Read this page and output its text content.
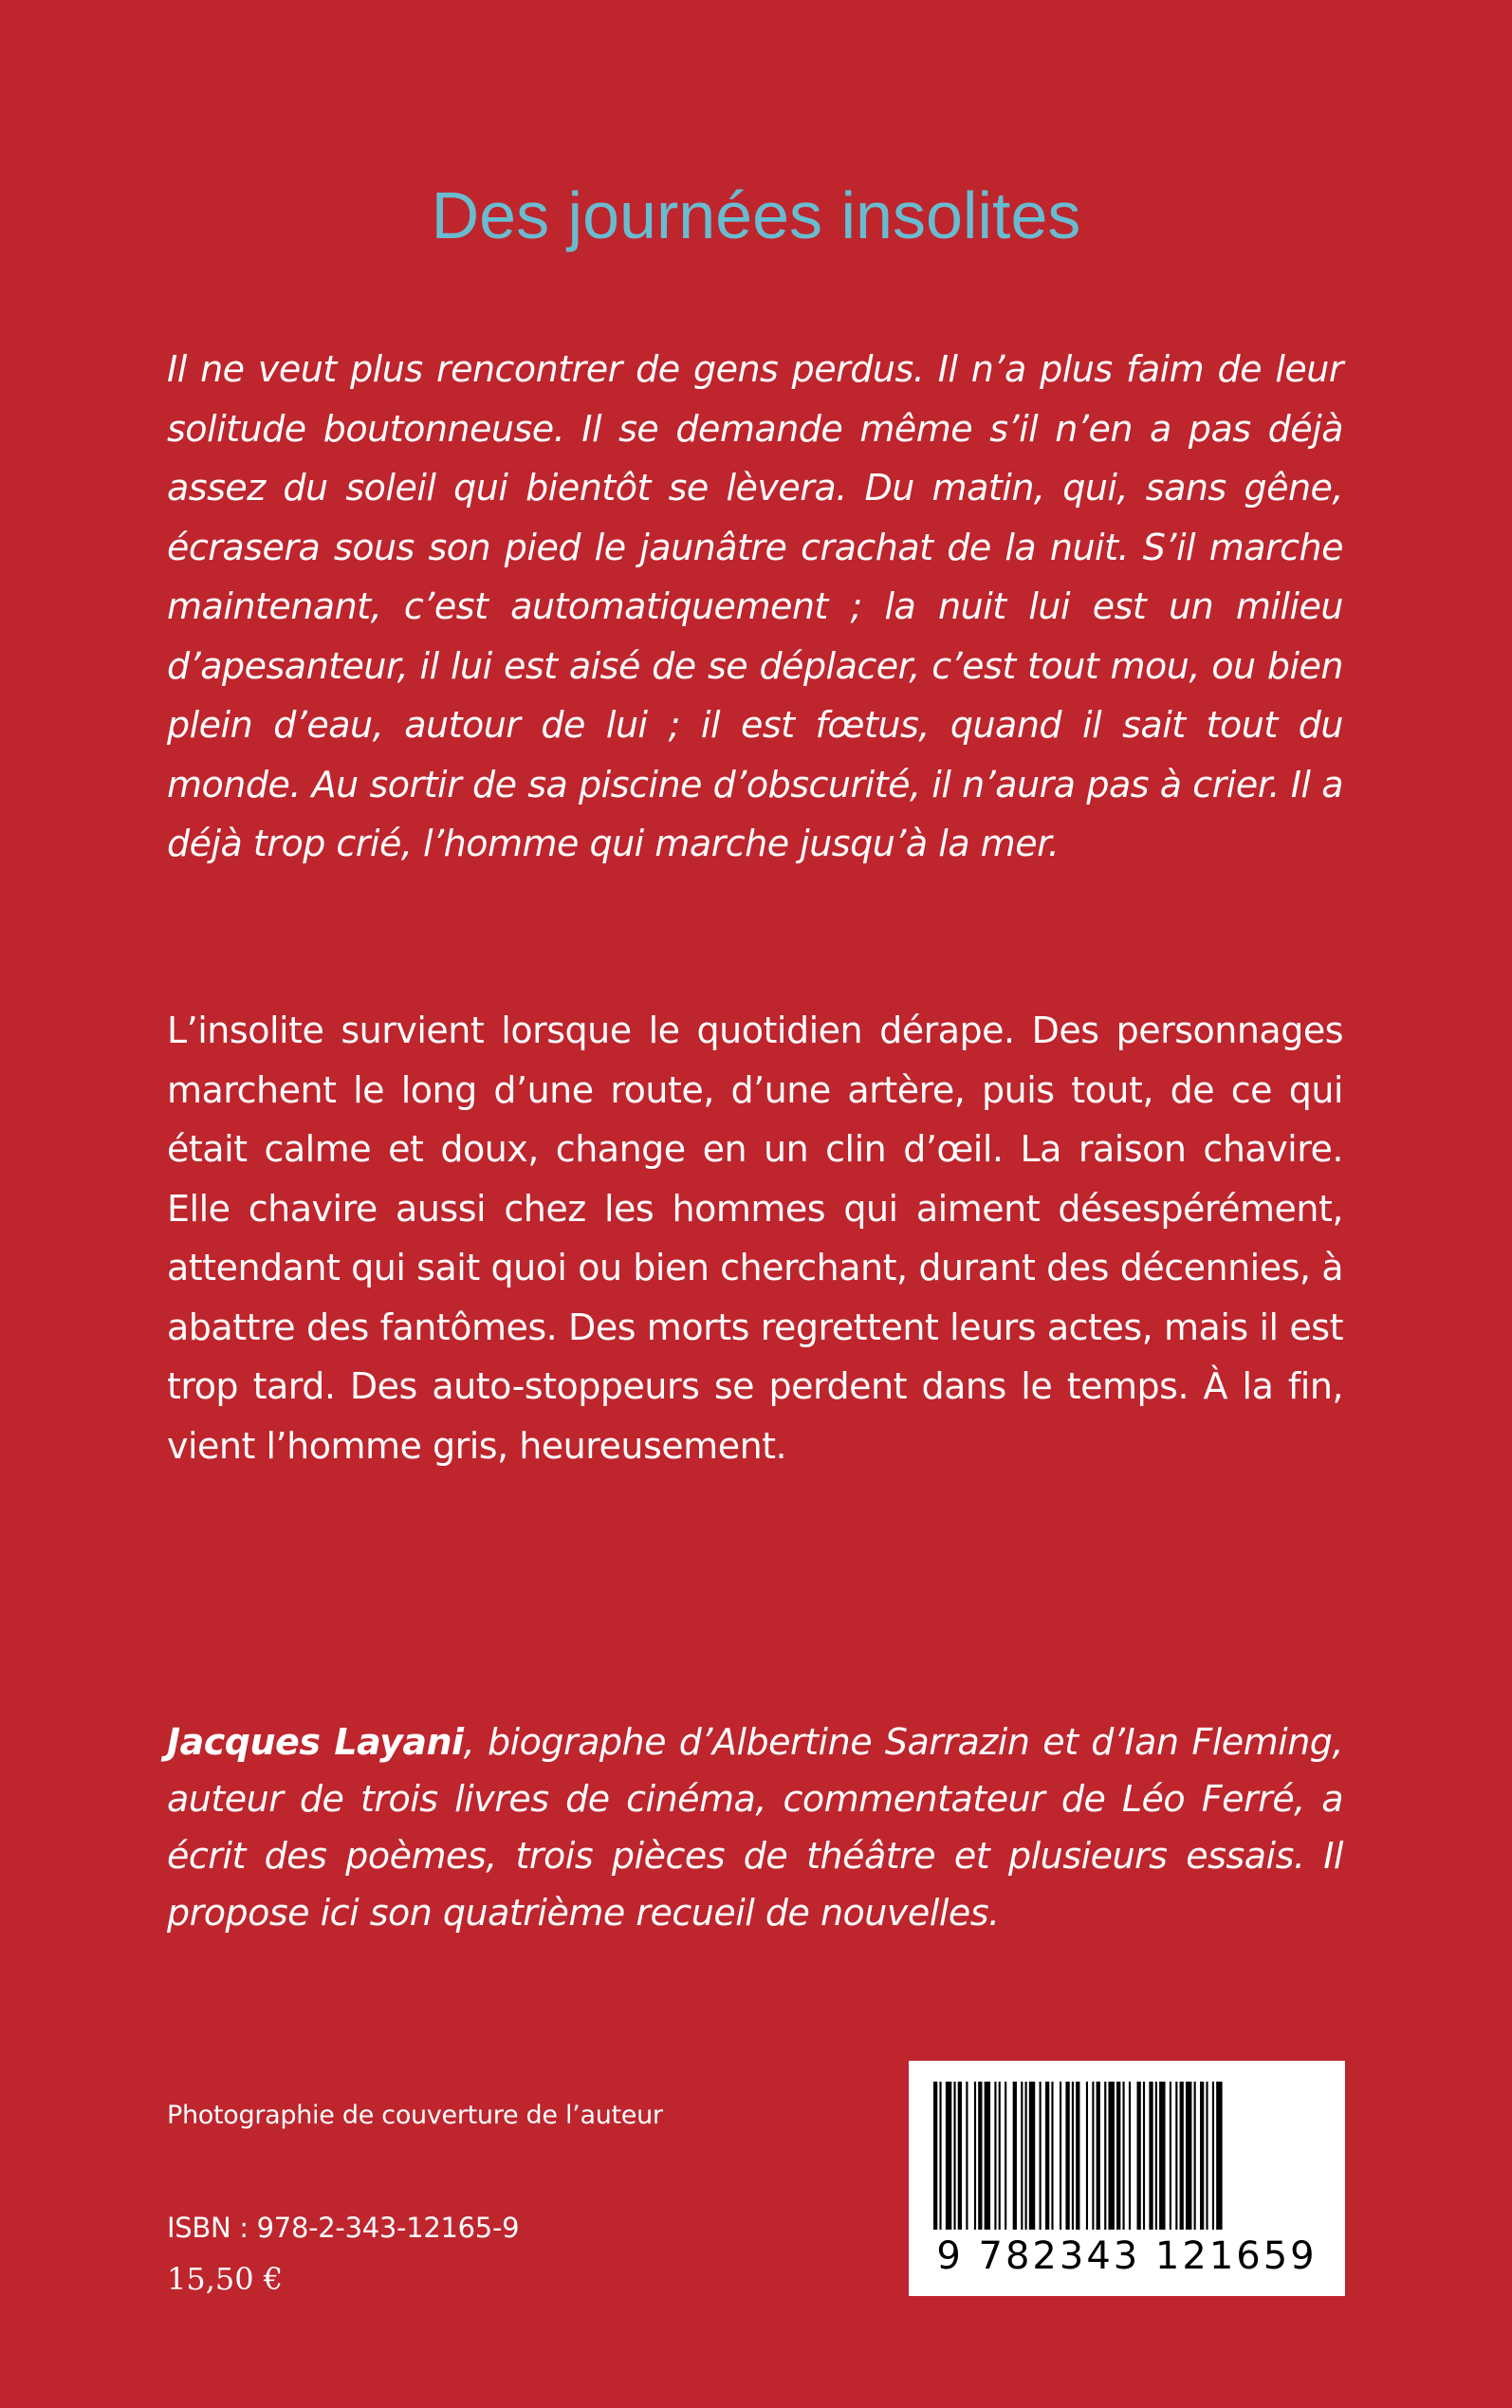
Des journées insolites

Il ne veut plus rencontrer de gens perdus. Il n’a plus faim de leur solitude boutonneuse. Il se demande même s’il n’en a pas déjà assez du soleil qui bientôt se lèvera. Du matin, qui, sans gêne, écrasera sous son pied le jaunâtre crachat de la nuit. S’il marche maintenant, c’est automatiquement ; la nuit lui est un milieu d’apesanteur, il lui est aisé de se déplacer, c’est tout mou, ou bien plein d’eau, autour de lui ; il est fœtus, quand il sait tout du monde. Au sortir de sa piscine d’obscurité, il n’aura pas à crier. Il a déjà trop crié, l’homme qui marche jusqu’à la mer.

L’insolite survient lorsque le quotidien dérape. Des personnages marchent le long d’une route, d’une artère, puis tout, de ce qui était calme et doux, change en un clin d’œil. La raison chavire. Elle chavire aussi chez les hommes qui aiment désespérément, attendant qui sait quoi ou bien cherchant, durant des décennies, à abattre des fantômes. Des morts regrettent leurs actes, mais il est trop tard. Des auto-stoppeurs se perdent dans le temps. À la fin, vient l’homme gris, heureusement.

Jacques Layani, biographe d’Albertine Sarrazin et d’Ian Fleming, auteur de trois livres de cinéma, commentateur de Léo Ferré, a écrit des poèmes, trois pièces de théâtre et plusieurs essais. Il propose ici son quatrième recueil de nouvelles.

Photographie de couverture de l’auteur
ISBN : 978-2-343-12165-9
15,50 €
9 782343 121659
